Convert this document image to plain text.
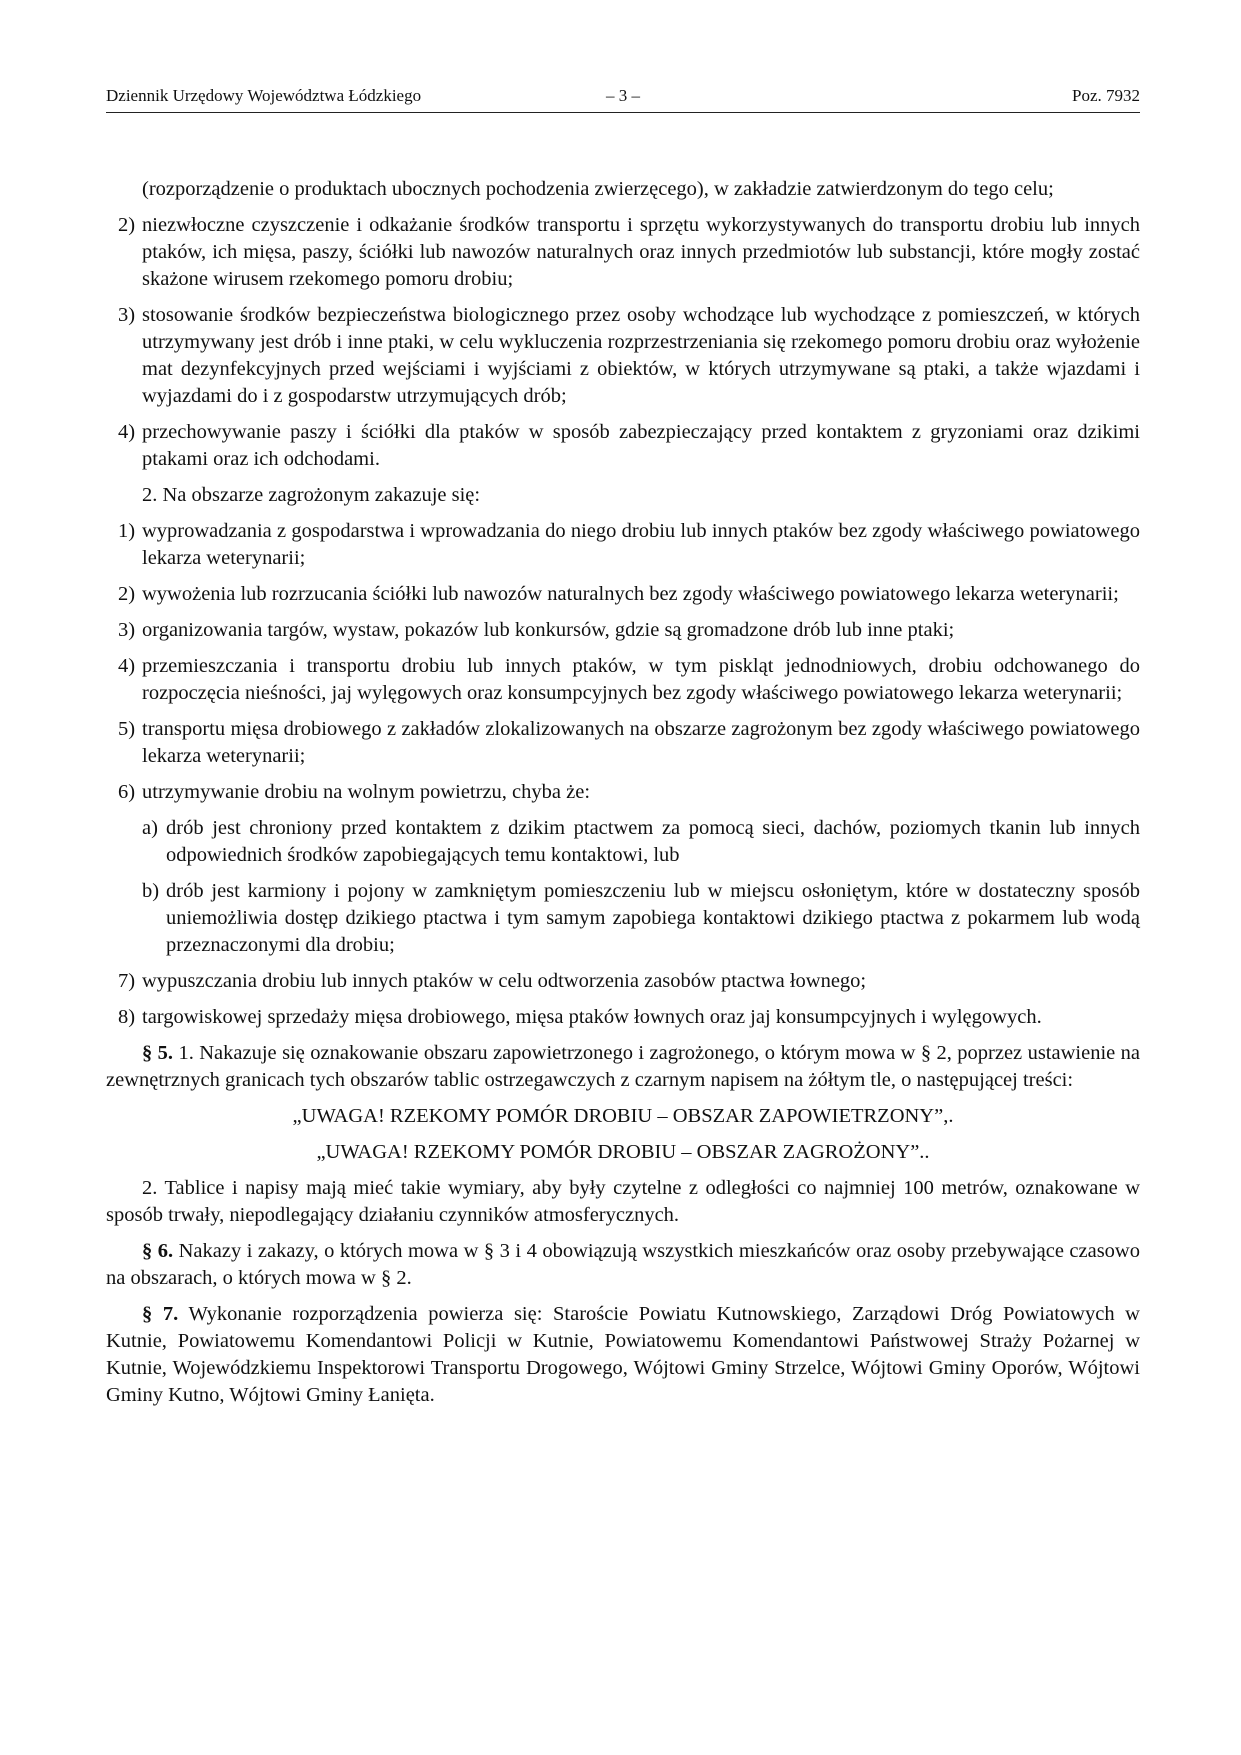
Dziennik Urzędowy Województwa Łódzkiego	– 3 –	Poz. 7932

(rozporządzenie o produktach ubocznych pochodzenia zwierzęcego), w zakładzie zatwierdzonym do tego celu;

2) niezwłoczne czyszczenie i odkażanie środków transportu i sprzętu wykorzystywanych do transportu drobiu lub innych ptaków, ich mięsa, paszy, ściółki lub nawozów naturalnych oraz innych przedmiotów lub substancji, które mogły zostać skażone wirusem rzekomego pomoru drobiu;
3) stosowanie środków bezpieczeństwa biologicznego przez osoby wchodzące lub wychodzące z pomieszczeń, w których utrzymywany jest drób i inne ptaki, w celu wykluczenia rozprzestrzeniania się rzekomego pomoru drobiu oraz wyłożenie mat dezynfekcyjnych przed wejściami i wyjściami z obiektów, w których utrzymywane są ptaki, a także wjazdami i wyjazdami do i z gospodarstw utrzymujących drób;
4) przechowywanie paszy i ściółki dla ptaków w sposób zabezpieczający przed kontaktem z gryzoniami oraz dzikimi ptakami oraz ich odchodami.

2. Na obszarze zagrożonym zakazuje się:

1) wyprowadzania z gospodarstwa i wprowadzania do niego drobiu lub innych ptaków bez zgody właściwego powiatowego lekarza weterynarii;
2) wywożenia lub rozrzucania ściółki lub nawozów naturalnych bez zgody właściwego powiatowego lekarza weterynarii;
3) organizowania targów, wystaw, pokazów lub konkursów, gdzie są gromadzone drób lub inne ptaki;
4) przemieszczania i transportu drobiu lub innych ptaków, w tym piskląt jednodniowych, drobiu odchowanego do rozpoczęcia nieśności, jaj wylęgowych oraz konsumpcyjnych bez zgody właściwego powiatowego lekarza weterynarii;
5) transportu mięsa drobiowego z zakładów zlokalizowanych na obszarze zagrożonym bez zgody właściwego powiatowego lekarza weterynarii;
6) utrzymywanie drobiu na wolnym powietrzu, chyba że:
a) drób jest chroniony przed kontaktem z dzikim ptactwem za pomocą sieci, dachów, poziomych tkanin lub innych odpowiednich środków zapobiegających temu kontaktowi, lub
b) drób jest karmiony i pojony w zamkniętym pomieszczeniu lub w miejscu osłoniętym, które w dostateczny sposób uniemożliwia dostęp dzikiego ptactwa i tym samym zapobiega kontaktowi dzikiego ptactwa z pokarmem lub wodą przeznaczonymi dla drobiu;
7) wypuszczania drobiu lub innych ptaków w celu odtworzenia zasobów ptactwa łownego;
8) targowiskowej sprzedaży mięsa drobiowego, mięsa ptaków łownych oraz jaj konsumpcyjnych i wylęgowych.

§ 5. 1. Nakazuje się oznakowanie obszaru zapowietrzonego i zagrożonego, o którym mowa w § 2, poprzez ustawienie na zewnętrznych granicach tych obszarów tablic ostrzegawczych z czarnym napisem na żółtym tle, o następującej treści:

„UWAGA! RZEKOMY POMÓR DROBIU – OBSZAR ZAPOWIETRZONY”,.

„UWAGA! RZEKOMY POMÓR DROBIU – OBSZAR ZAGROŻONY”..

2. Tablice i napisy mają mieć takie wymiary, aby były czytelne z odległości co najmniej 100 metrów, oznakowane w sposób trwały, niepodlegający działaniu czynników atmosferycznych.

§ 6. Nakazy i zakazy, o których mowa w § 3 i 4 obowiązują wszystkich mieszkańców oraz osoby przebywające czasowo na obszarach, o których mowa w § 2.

§ 7. Wykonanie rozporządzenia powierza się: Staroście Powiatu Kutnowskiego, Zarządowi Dróg Powiatowych w Kutnie, Powiatowemu Komendantowi Policji w Kutnie, Powiatowemu Komendantowi Państwowej Straży Pożarnej w Kutnie, Wojewódzkiemu Inspektorowi Transportu Drogowego, Wójtowi Gminy Strzelce, Wójtowi Gminy Oporów, Wójtowi Gminy Kutno, Wójtowi Gminy Łanięta.
